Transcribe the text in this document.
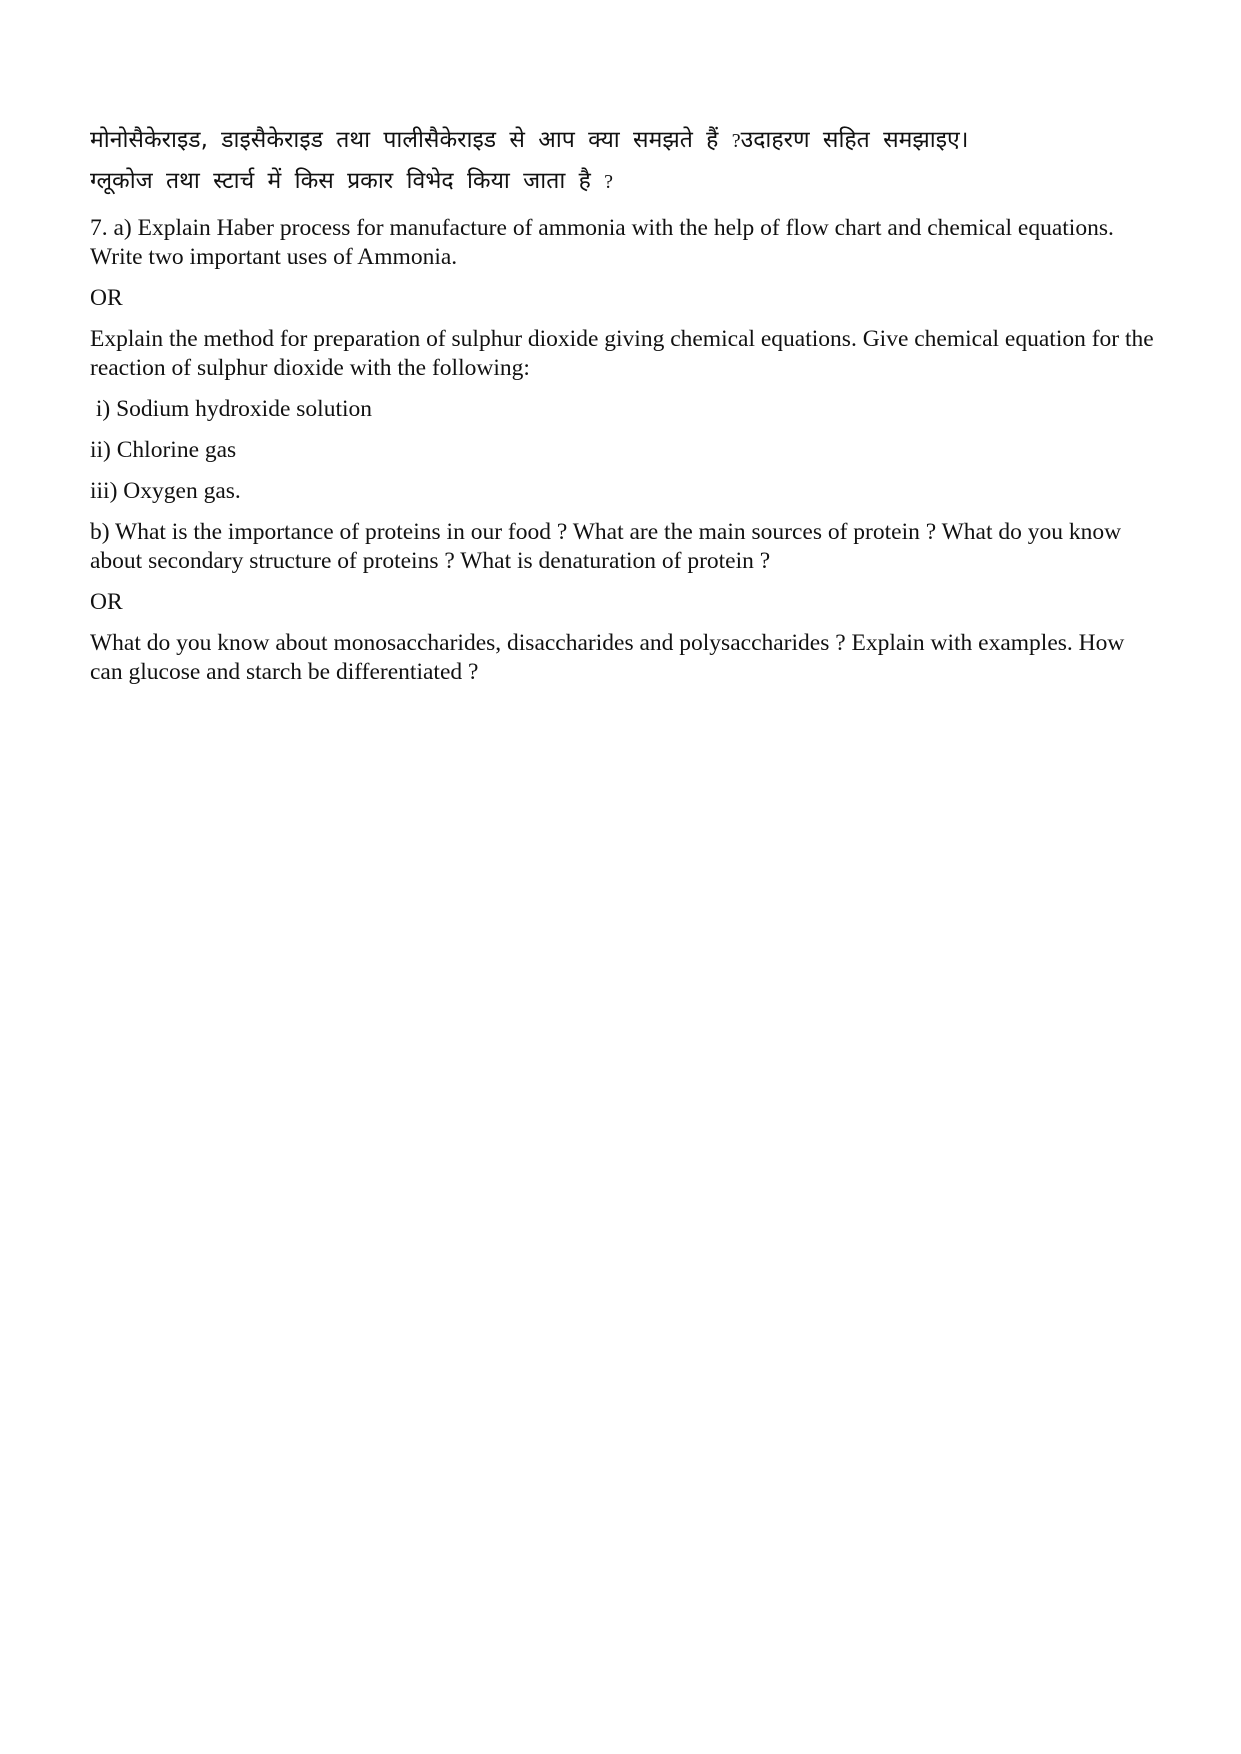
मोनोसैकेराइड, डाइसैकेराइड तथा पालीसैकेराइड से आप क्या समझते हैं ?उदाहरण सहित समझाइए।

ग्लूकोज तथा स्टार्च में किस प्रकार विभेद किया जाता है ?

7. a) Explain Haber process for manufacture of ammonia with the help of flow chart and chemical equations. Write two important uses of Ammonia.

OR

Explain the method for preparation of sulphur dioxide giving chemical equations. Give chemical equation for the reaction of sulphur dioxide with the following:

i) Sodium hydroxide solution

ii) Chlorine gas

iii) Oxygen gas.

b) What is the importance of proteins in our food ? What are the main sources of protein ? What do you know about secondary structure of proteins ? What is denaturation of protein ?

OR

What do you know about monosaccharides, disaccharides and polysaccharides ? Explain with examples. How can glucose and starch be differentiated ?
